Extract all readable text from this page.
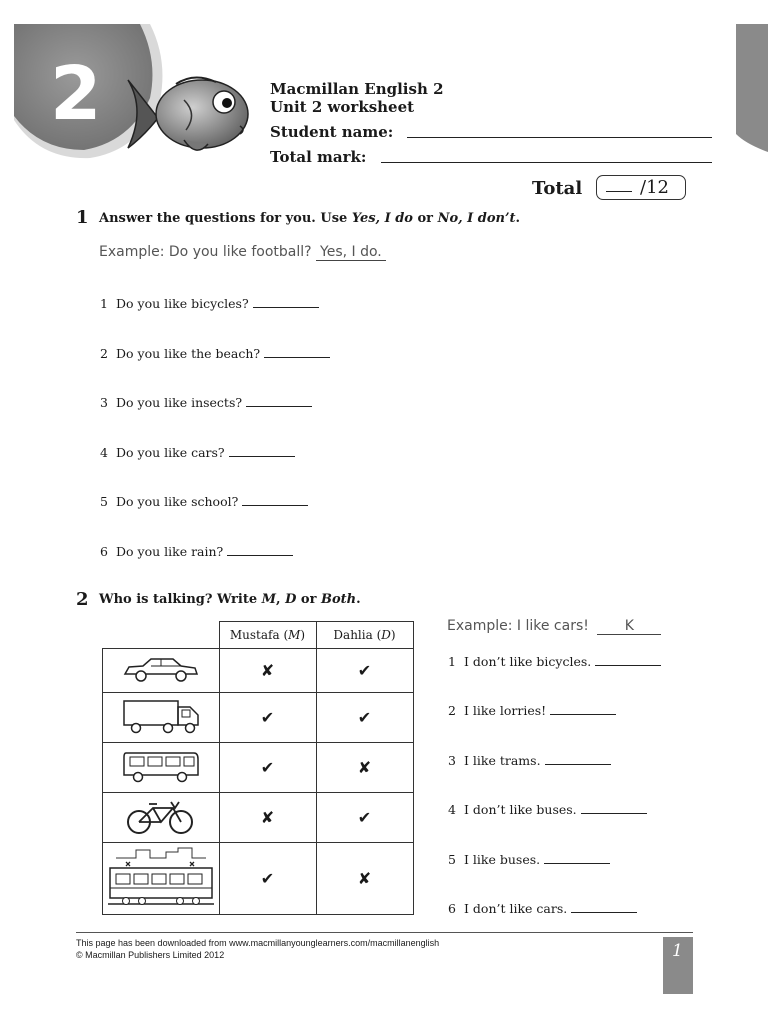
2	Macmillan English 2
Unit 2 worksheet
Student name:
Total mark:
Total	/12
1 Answer the questions for you. Use Yes, I do or No, I don’t.
Example: Do you like football? Yes, I do.
1 Do you like bicycles?
2 Do you like the beach?
3 Do you like insects?
4 Do you like cars?
5 Do you like school?
6 Do you like rain?
2 Who is talking? Write M, D or Both.
	Mustafa (M)	Dahlia (D)
	✘	✔
	✔	✔
	✔	✘
	✘	✔
	✔	✘
Example: I like cars!	K
1 I don’t like bicycles.
2 I like lorries!
3 I like trams.
4 I don’t like buses.
5 I like buses.
6 I don’t like cars.
This page has been downloaded from www.macmillanyounglearners.com/macmillanenglish
© Macmillan Publishers Limited 2012	1
